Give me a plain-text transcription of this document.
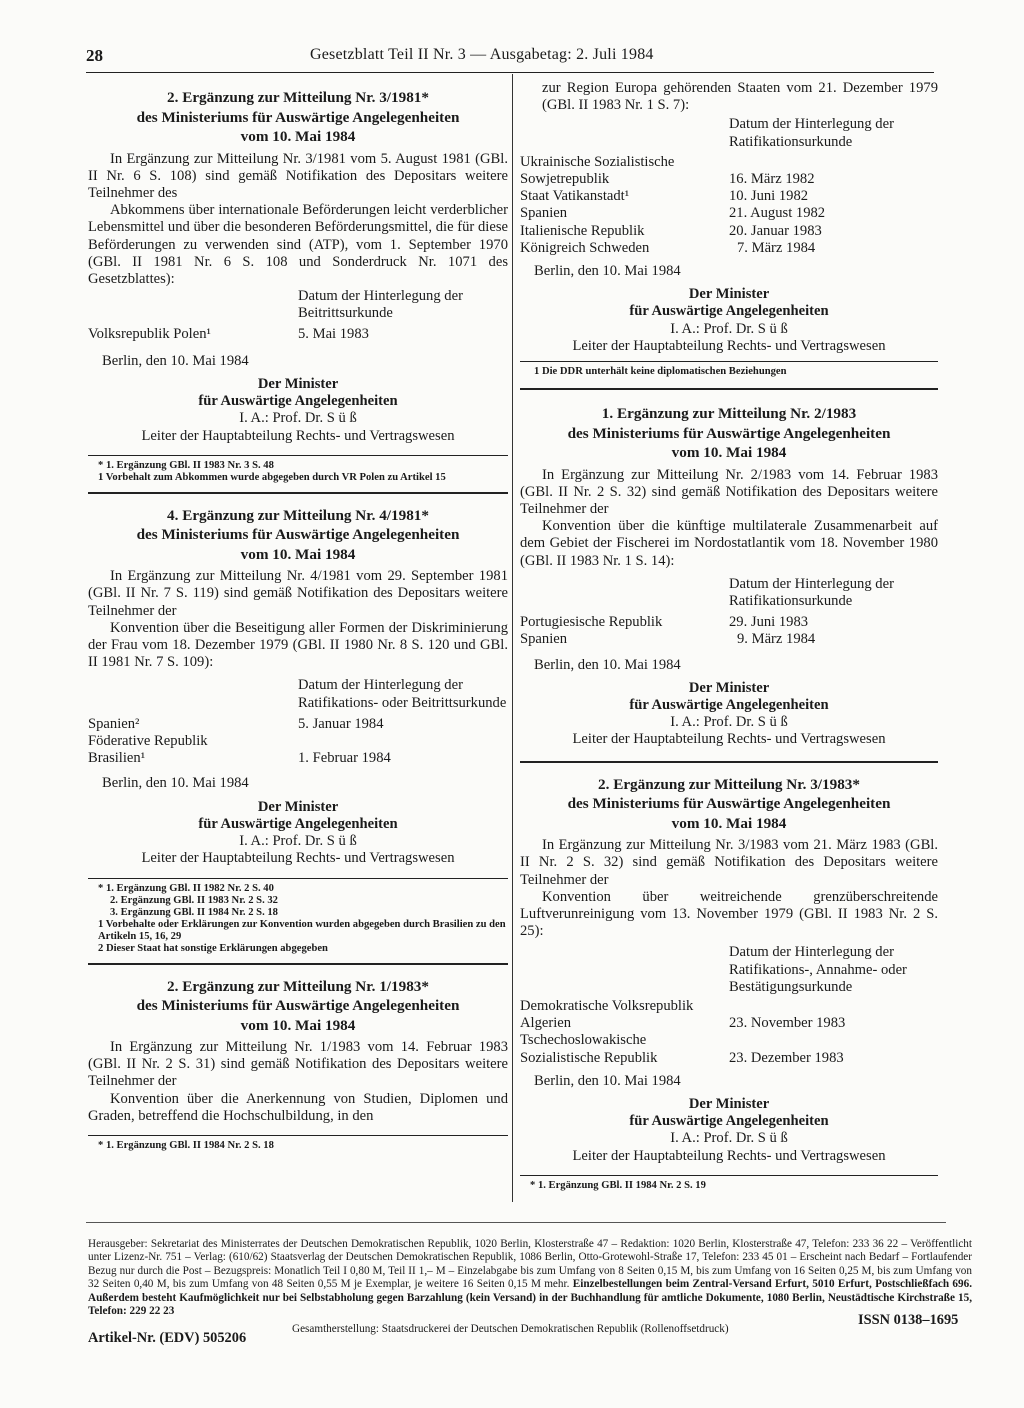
28	Gesetzblatt Teil II Nr. 3 — Ausgabetag: 2. Juli 1984
2. Ergänzung zur Mitteilung Nr. 3/1981*
des Ministeriums für Auswärtige Angelegenheiten
vom 10. Mai 1984

In Ergänzung zur Mitteilung Nr. 3/1981 vom 5. August 1981 (GBl. II Nr. 6 S. 108) sind gemäß Notifikation des Depositars weitere Teilnehmer des

Abkommens über internationale Beförderungen leicht verderblicher Lebensmittel und über die besonderen Beförderungsmittel, die für diese Beförderungen zu verwenden sind (ATP), vom 1. September 1970 (GBl. II 1981 Nr. 6 S. 108 und Sonderdruck Nr. 1071 des Gesetzblattes):

	Datum der Hinterlegung der Beitrittsurkunde
Volksrepublik Polen¹	5. Mai 1983

Berlin, den 10. Mai 1984

Der Minister
für Auswärtige Angelegenheiten
I. A.: Prof. Dr. S ü ß
Leiter der Hauptabteilung Rechts- und Vertragswesen

* 1. Ergänzung GBl. II 1983 Nr. 3 S. 48

1 Vorbehalt zum Abkommen wurde abgegeben durch VR Polen zu Artikel 15

4. Ergänzung zur Mitteilung Nr. 4/1981*
des Ministeriums für Auswärtige Angelegenheiten
vom 10. Mai 1984

In Ergänzung zur Mitteilung Nr. 4/1981 vom 29. September 1981 (GBl. II Nr. 7 S. 119) sind gemäß Notifikation des Depositars weitere Teilnehmer der

Konvention über die Beseitigung aller Formen der Diskriminierung der Frau vom 18. Dezember 1979 (GBl. II 1980 Nr. 8 S. 120 und GBl. II 1981 Nr. 7 S. 109):

	Datum der Hinterlegung der Ratifikations- oder Beitrittsurkunde
Spanien²	5. Januar 1984
Föderative Republik Brasilien¹	1. Februar 1984

Berlin, den 10. Mai 1984

Der Minister
für Auswärtige Angelegenheiten
I. A.: Prof. Dr. S ü ß
Leiter der Hauptabteilung Rechts- und Vertragswesen

* 1. Ergänzung GBl. II 1982 Nr. 2 S. 40

2. Ergänzung GBl. II 1983 Nr. 2 S. 32

3. Ergänzung GBl. II 1984 Nr. 2 S. 18

1 Vorbehalte oder Erklärungen zur Konvention wurden abgegeben durch Brasilien zu den Artikeln 15, 16, 29

2 Dieser Staat hat sonstige Erklärungen abgegeben

2. Ergänzung zur Mitteilung Nr. 1/1983*
des Ministeriums für Auswärtige Angelegenheiten
vom 10. Mai 1984

In Ergänzung zur Mitteilung Nr. 1/1983 vom 14. Februar 1983 (GBl. II Nr. 2 S. 31) sind gemäß Notifikation des Depositars weitere Teilnehmer der

Konvention über die Anerkennung von Studien, Diplomen und Graden, betreffend die Hochschulbildung, in den

* 1. Ergänzung GBl. II 1984 Nr. 2 S. 18

zur Region Europa gehörenden Staaten vom 21. Dezember 1979 (GBl. II 1983 Nr. 1 S. 7):

	Datum der Hinterlegung der Ratifikationsurkunde
Ukrainische Sozialistische Sowjetrepublik	16. März 1982
Staat Vatikanstadt¹	10. Juni 1982
Spanien	21. August 1982
Italienische Republik	20. Januar 1983
Königreich Schweden	7. März 1984

Berlin, den 10. Mai 1984

Der Minister
für Auswärtige Angelegenheiten
I. A.: Prof. Dr. S ü ß
Leiter der Hauptabteilung Rechts- und Vertragswesen

1 Die DDR unterhält keine diplomatischen Beziehungen

1. Ergänzung zur Mitteilung Nr. 2/1983
des Ministeriums für Auswärtige Angelegenheiten
vom 10. Mai 1984

In Ergänzung zur Mitteilung Nr. 2/1983 vom 14. Februar 1983 (GBl. II Nr. 2 S. 32) sind gemäß Notifikation des Depositars weitere Teilnehmer der

Konvention über die künftige multilaterale Zusammenarbeit auf dem Gebiet der Fischerei im Nordostatlantik vom 18. November 1980 (GBl. II 1983 Nr. 1 S. 14):

	Datum der Hinterlegung der Ratifikationsurkunde
Portugiesische Republik	29. Juni 1983
Spanien	9. März 1984

Berlin, den 10. Mai 1984

Der Minister
für Auswärtige Angelegenheiten
I. A.: Prof. Dr. S ü ß
Leiter der Hauptabteilung Rechts- und Vertragswesen
2. Ergänzung zur Mitteilung Nr. 3/1983*
des Ministeriums für Auswärtige Angelegenheiten
vom 10. Mai 1984

In Ergänzung zur Mitteilung Nr. 3/1983 vom 21. März 1983 (GBl. II Nr. 2 S. 32) sind gemäß Notifikation des Depositars weitere Teilnehmer der

Konvention über weitreichende grenzüberschreitende Luftverunreinigung vom 13. November 1979 (GBl. II 1983 Nr. 2 S. 25):

	Datum der Hinterlegung der Ratifikations-, Annahme- oder Bestätigungsurkunde
Demokratische Volksrepublik Algerien	23. November 1983
Tschechoslowakische Sozialistische Republik	23. Dezember 1983

Berlin, den 10. Mai 1984

Der Minister
für Auswärtige Angelegenheiten
I. A.: Prof. Dr. S ü ß
Leiter der Hauptabteilung Rechts- und Vertragswesen

* 1. Ergänzung GBl. II 1984 Nr. 2 S. 19

Herausgeber: Sekretariat des Ministerrates der Deutschen Demokratischen Republik, 1020 Berlin, Klosterstraße 47 – Redaktion: 1020 Berlin, Klosterstraße 47, Telefon: 233 36 22 – Veröffentlicht unter Lizenz-Nr. 751 – Verlag: (610/62) Staatsverlag der Deutschen Demokratischen Republik, 1086 Berlin, Otto-Grotewohl-Straße 17, Telefon: 233 45 01 – Erscheint nach Bedarf – Fortlaufender Bezug nur durch die Post – Bezugspreis: Monatlich Teil I 0,80 M, Teil II 1,– M – Einzelabgabe bis zum Umfang von 8 Seiten 0,15 M, bis zum Umfang von 16 Seiten 0,25 M, bis zum Umfang von 32 Seiten 0,40 M, bis zum Umfang von 48 Seiten 0,55 M je Exemplar, je weitere 16 Seiten 0,15 M mehr. Einzelbestellungen beim Zentral-Versand Erfurt, 5010 Erfurt, Postschließfach 696. Außerdem besteht Kaufmöglichkeit nur bei Selbstabholung gegen Barzahlung (kein Versand) in der Buchhandlung für amtliche Dokumente, 1080 Berlin, Neustädtische Kirchstraße 15, Telefon: 229 22 23
Artikel-Nr. (EDV) 505206
Gesamtherstellung: Staatsdruckerei der Deutschen Demokratischen Republik (Rollenoffsetdruck)
ISSN 0138–1695
